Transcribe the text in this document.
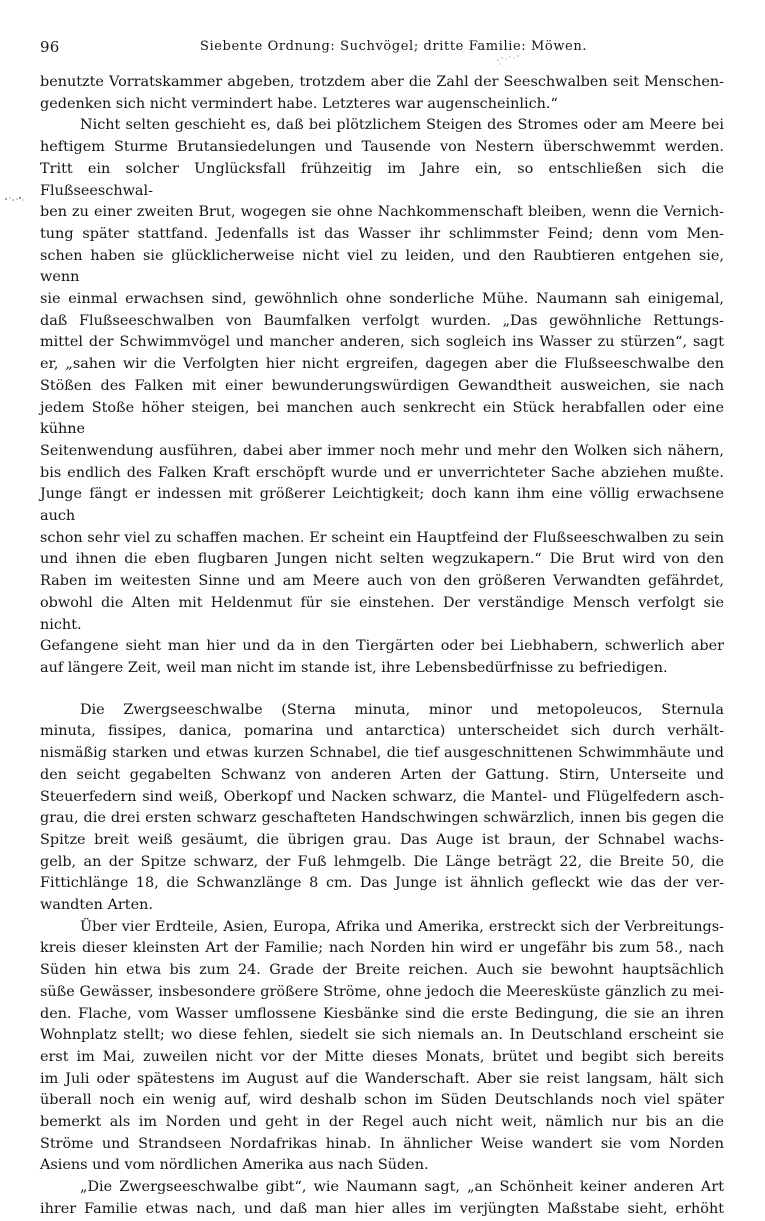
96	Siebente Ordnung: Suchvögel; dritte Familie: Möwen.

benutzte Vorratskammer abgeben, trotzdem aber die Zahl der Seeschwalben seit Menschen-
gedenken sich nicht vermindert habe. Letzteres war augenscheinlich.“

Nicht selten geschieht es, daß bei plötzlichem Steigen des Stromes oder am Meere bei
heftigem Sturme Brutansiedelungen und Tausende von Nestern überschwemmt werden.
Tritt ein solcher Unglücksfall frühzeitig im Jahre ein, so entschließen sich die Flußseeschwal-
ben zu einer zweiten Brut, wogegen sie ohne Nachkommenschaft bleiben, wenn die Vernich-
tung später stattfand. Jedenfalls ist das Wasser ihr schlimmster Feind; denn vom Men-
schen haben sie glücklicherweise nicht viel zu leiden, und den Raubtieren entgehen sie, wenn
sie einmal erwachsen sind, gewöhnlich ohne sonderliche Mühe. Naumann sah einigemal,
daß Flußseeschwalben von Baumfalken verfolgt wurden. „Das gewöhnliche Rettungs-
mittel der Schwimmvögel und mancher anderen, sich sogleich ins Wasser zu stürzen“, sagt
er, „sahen wir die Verfolgten hier nicht ergreifen, dagegen aber die Flußseeschwalbe den
Stößen des Falken mit einer bewunderungswürdigen Gewandtheit ausweichen, sie nach
jedem Stoße höher steigen, bei manchen auch senkrecht ein Stück herabfallen oder eine kühne
Seitenwendung ausführen, dabei aber immer noch mehr und mehr den Wolken sich nähern,
bis endlich des Falken Kraft erschöpft wurde und er unverrichteter Sache abziehen mußte.
Junge fängt er indessen mit größerer Leichtigkeit; doch kann ihm eine völlig erwachsene auch
schon sehr viel zu schaffen machen. Er scheint ein Hauptfeind der Flußseeschwalben zu sein
und ihnen die eben flugbaren Jungen nicht selten wegzukapern.“ Die Brut wird von den
Raben im weitesten Sinne und am Meere auch von den größeren Verwandten gefährdet,
obwohl die Alten mit Heldenmut für sie einstehen. Der verständige Mensch verfolgt sie nicht.
Gefangene sieht man hier und da in den Tiergärten oder bei Liebhabern, schwerlich aber
auf längere Zeit, weil man nicht im stande ist, ihre Lebensbedürfnisse zu befriedigen.

Die Zwergseeschwalbe (Sterna minuta, minor und metopoleucos, Sternula
minuta, fissipes, danica, pomarina und antarctica) unterscheidet sich durch verhält-
nismäßig starken und etwas kurzen Schnabel, die tief ausgeschnittenen Schwimmhäute und
den seicht gegabelten Schwanz von anderen Arten der Gattung. Stirn, Unterseite und
Steuerfedern sind weiß, Oberkopf und Nacken schwarz, die Mantel- und Flügelfedern asch-
grau, die drei ersten schwarz geschafteten Handschwingen schwärzlich, innen bis gegen die
Spitze breit weiß gesäumt, die übrigen grau. Das Auge ist braun, der Schnabel wachs-
gelb, an der Spitze schwarz, der Fuß lehmgelb. Die Länge beträgt 22, die Breite 50, die
Fittichlänge 18, die Schwanzlänge 8 cm. Das Junge ist ähnlich gefleckt wie das der ver-
wandten Arten.

Über vier Erdteile, Asien, Europa, Afrika und Amerika, erstreckt sich der Verbreitungs-
kreis dieser kleinsten Art der Familie; nach Norden hin wird er ungefähr bis zum 58., nach
Süden hin etwa bis zum 24. Grade der Breite reichen. Auch sie bewohnt hauptsächlich
süße Gewässer, insbesondere größere Ströme, ohne jedoch die Meeresküste gänzlich zu mei-
den. Flache, vom Wasser umflossene Kiesbänke sind die erste Bedingung, die sie an ihren
Wohnplatz stellt; wo diese fehlen, siedelt sie sich niemals an. In Deutschland erscheint sie
erst im Mai, zuweilen nicht vor der Mitte dieses Monats, brütet und begibt sich bereits
im Juli oder spätestens im August auf die Wanderschaft. Aber sie reist langsam, hält sich
überall noch ein wenig auf, wird deshalb schon im Süden Deutschlands noch viel später
bemerkt als im Norden und geht in der Regel auch nicht weit, nämlich nur bis an die
Ströme und Strandseen Nordafrikas hinab. In ähnlicher Weise wandert sie vom Norden
Asiens und vom nördlichen Amerika aus nach Süden.

„Die Zwergseeschwalbe gibt“, wie Naumann sagt, „an Schönheit keiner anderen Art
ihrer Familie etwas nach, und daß man hier alles im verjüngten Maßstabe sieht, erhöht
